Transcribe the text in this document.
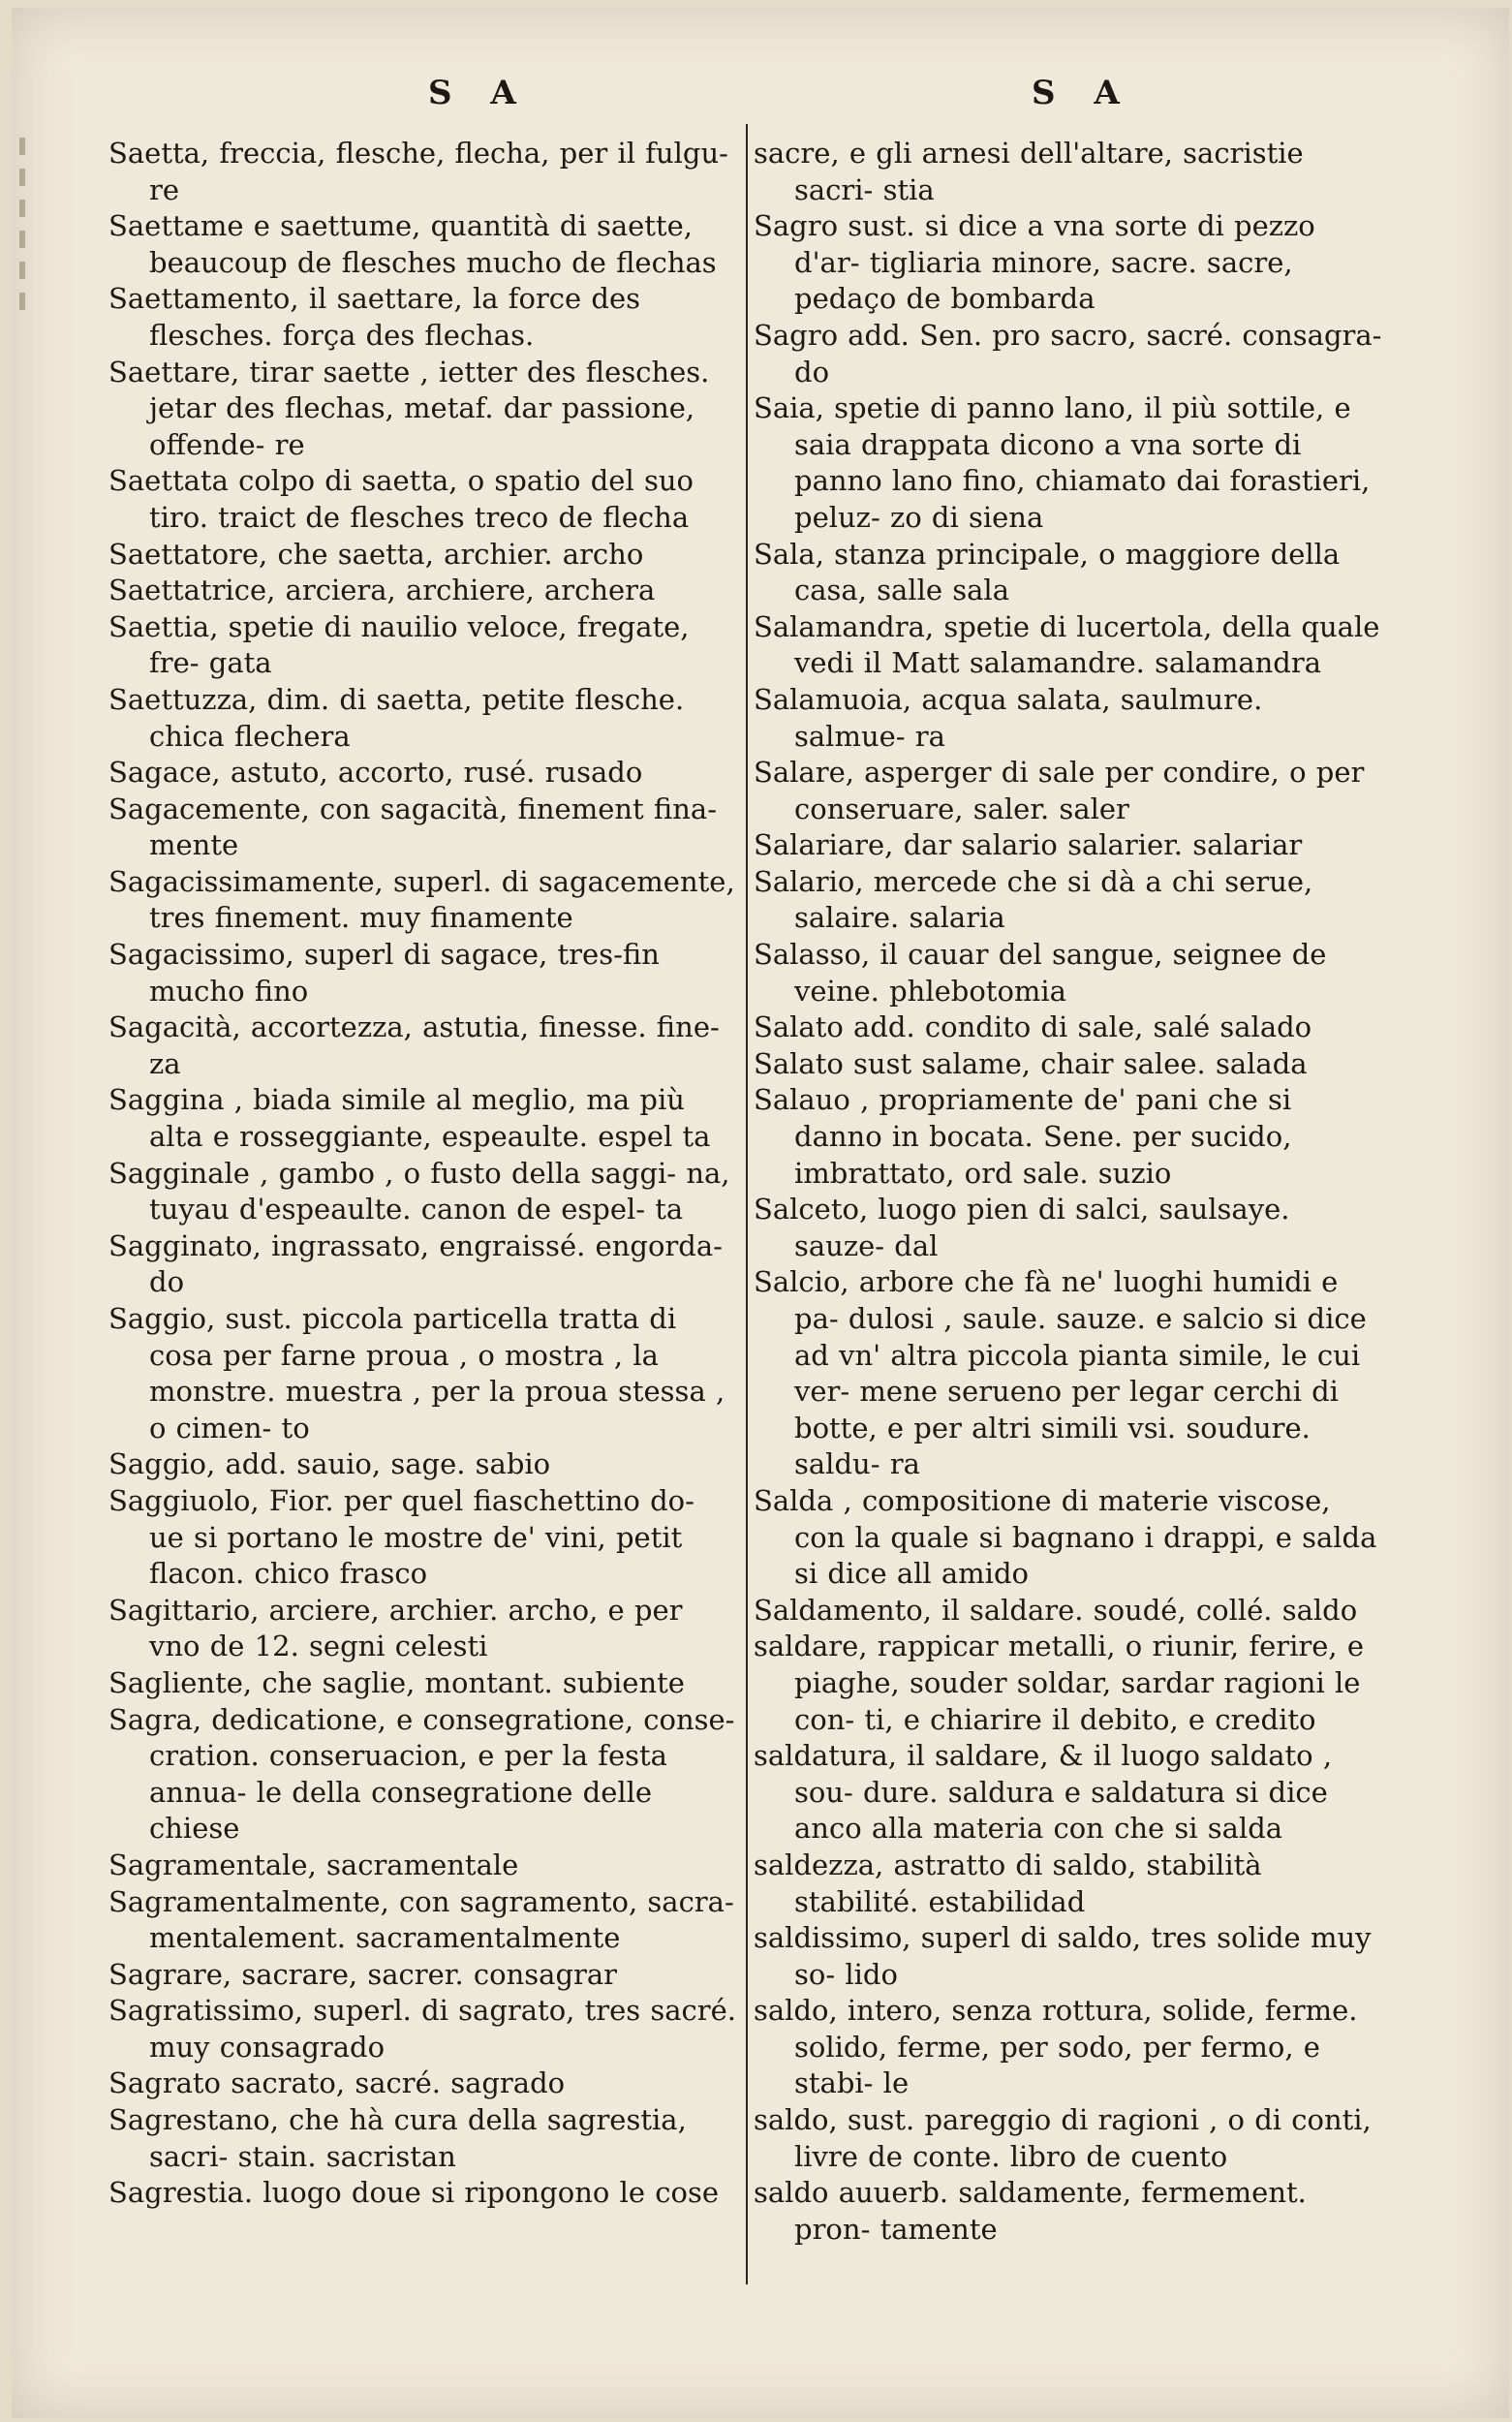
S A	S A
Saetta, freccia, flesche, flecha, per il fulgu- re
Saettame e saettume, quantità di saette, beaucoup de flesches mucho de flechas
Saettamento, il saettare, la force des flesches. força des flechas.
Saettare, tirar saette , ietter des flesches. jetar des flechas, metaf. dar passione, offende- re
Saettata colpo di saetta, o spatio del suo tiro. traict de flesches treco de flecha
Saettatore, che saetta, archier. archo
Saettatrice, arciera, archiere, archera
Saettia, spetie di nauilio veloce, fregate, fre- gata
Saettuzza, dim. di saetta, petite flesche. chica flechera
Sagace, astuto, accorto, rusé. rusado
Sagacemente, con sagacità, finement fina- mente
Sagacissimamente, superl. di sagacemente, tres finement. muy finamente
Sagacissimo, superl di sagace, tres-fin mucho fino
Sagacità, accortezza, astutia, finesse. fine- za
Saggina , biada simile al meglio, ma più alta e rosseggiante, espeaulte. espel ta
Sagginale , gambo , o fusto della saggi- na, tuyau d'espeaulte. canon de espel- ta
Sagginato, ingrassato, engraissé. engorda- do
Saggio, sust. piccola particella tratta di cosa per farne proua , o mostra , la monstre. muestra , per la proua stessa , o cimen- to
Saggio, add. sauio, sage. sabio
Saggiuolo, Fior. per quel fiaschettino do- ue si portano le mostre de' vini, petit flacon. chico frasco
Sagittario, arciere, archier. archo, e per vno de 12. segni celesti
Sagliente, che saglie, montant. subiente
Sagra, dedicatione, e consegratione, conse- cration. conseruacion, e per la festa annua- le della consegratione delle chiese
Sagramentale, sacramentale
Sagramentalmente, con sagramento, sacra- mentalement. sacramentalmente
Sagrare, sacrare, sacrer. consagrar
Sagratissimo, superl. di sagrato, tres sacré. muy consagrado
Sagrato sacrato, sacré. sagrado
Sagrestano, che hà cura della sagrestia, sacri- stain. sacristan
Sagrestia. luogo doue si ripongono le cose
sacre, e gli arnesi dell'altare, sacristie sacri- stia
Sagro sust. si dice a vna sorte di pezzo d'ar- tigliaria minore, sacre. sacre, pedaço de bombarda
Sagro add. Sen. pro sacro, sacré. consagra- do
Saia, spetie di panno lano, il più sottile, e saia drappata dicono a vna sorte di panno lano fino, chiamato dai forastieri, peluz- zo di siena
Sala, stanza principale, o maggiore della casa, salle sala
Salamandra, spetie di lucertola, della quale vedi il Matt salamandre. salamandra
Salamuoia, acqua salata, saulmure. salmue- ra
Salare, asperger di sale per condire, o per conseruare, saler. saler
Salariare, dar salario salarier. salariar
Salario, mercede che si dà a chi serue, salaire. salaria
Salasso, il cauar del sangue, seignee de veine. phlebotomia
Salato add. condito di sale, salé salado
Salato sust salame, chair salee. salada
Salauo , propriamente de' pani che si danno in bocata. Sene. per sucido, imbrattato, ord sale. suzio
Salceto, luogo pien di salci, saulsaye. sauze- dal
Salcio, arbore che fà ne' luoghi humidi e pa- dulosi , saule. sauze. e salcio si dice ad vn' altra piccola pianta simile, le cui ver- mene serueno per legar cerchi di botte, e per altri simili vsi. soudure. saldu- ra
Salda , compositione di materie viscose, con la quale si bagnano i drappi, e salda si dice all amido
Saldamento, il saldare. soudé, collé. saldo
saldare, rappicar metalli, o riunir, ferire, e piaghe, souder soldar, sardar ragioni le con- ti, e chiarire il debito, e credito
saldatura, il saldare, & il luogo saldato , sou- dure. saldura e saldatura si dice anco alla materia con che si salda
saldezza, astratto di saldo, stabilità stabilité. estabilidad
saldissimo, superl di saldo, tres solide muy so- lido
saldo, intero, senza rottura, solide, ferme. solido, ferme, per sodo, per fermo, e stabi- le
saldo, sust. pareggio di ragioni , o di conti, livre de conte. libro de cuento
saldo auuerb. saldamente, fermement. pron- tamente
